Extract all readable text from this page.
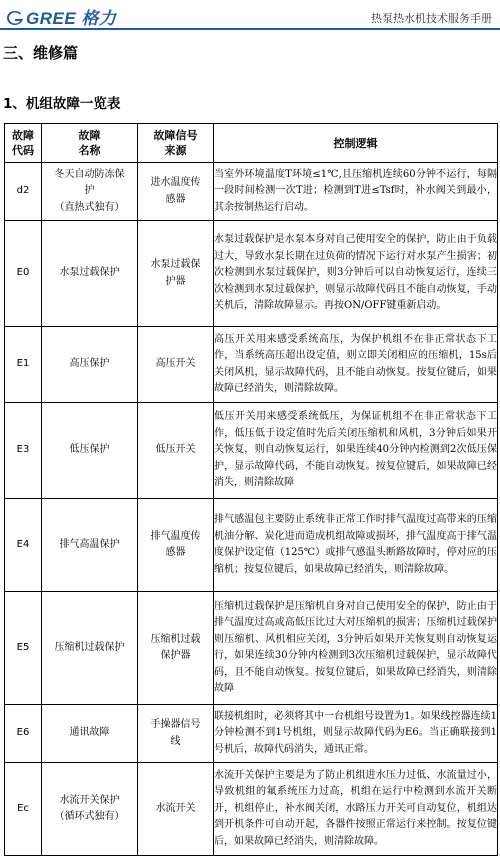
GREE 格力	热泵热水机技术服务手册
三、维修篇
1、机组故障一览表
故障
代码	故障
名称	故障信号
来源	控制逻辑
d2	冬天自动防冻保
护
（直热式独有）	进水温度传
感器	当室外环境温度T环境≤1℃,且压缩机连续60分钟不运行，每隔一段时间检测一次T进；检测到T进≤Tsf时，补水阀关到最小，其余按制热运行启动。
E0	水泵过载保护	水泵过载保
护器	水泵过载保护是水泵本身对自己使用安全的保护，防止由于负载过大，导致水泵长期在过负荷的情况下运行对水泵产生损害；初次检测到水泵过载保护，则3分钟后可以自动恢复运行，连续三次检测到水泵过载保护，则显示故障代码且不能自动恢复，手动关机后，清除故障显示。再按ON/OFF键重新启动。
E1	高压保护	高压开关	高压开关用来感受系统高压，为保护机组不在非正常状态下工作，当系统高压超出设定值，则立即关闭相应的压缩机，15s后关闭风机，显示故障代码，且不能自动恢复。按复位键后，如果故障已经消失，则清除故障。
E3	低压保护	低压开关	低压开关用来感受系统低压，为保证机组不在非正常状态下工作，低压低于设定值时先后关闭压缩机和风机，3分钟后如果开关恢复，则自动恢复运行，如果连续40分钟内检测到2次低压保护，显示故障代码，不能自动恢复。按复位键后，如果故障已经消失，则清除故障
E4	排气高温保护	排气温度传
感器	排气感温包主要防止系统非正常工作时排气温度过高带来的压缩机油分解、炭化进而造成机组故障或损坏，排气温度高于排气温度保护设定值（125℃）或排气感温头断路故障时，停对应的压缩机；按复位键后，如果故障已经消失，则清除故障。
E5	压缩机过载保护	压缩机过载
保护器	压缩机过载保护是压缩机自身对自己使用安全的保护，防止由于排气温度过高或高低压比过大对压缩机的损害；压缩机过载保护则压缩机、风机相应关闭，3分钟后如果开关恢复则自动恢复运行，如果连续30分钟内检测到3次压缩机过载保护，显示故障代码，且不能自动恢复。按复位键后，如果故障已经消失，则清除故障
E6	通讯故障	手操器信号
线	联接机组时，必须将其中一台机组号设置为1。如果线控器连续1分钟检测不到1号机组，则显示故障代码为E6。当正确联接到1号机后，故障代码消失，通讯正常。
Ec	水流开关保护
（循环式独有）	水流开关	水流开关保护主要是为了防止机组进水压力过低、水流量过小，导致机组的氟系统压力过高，机组在运行中检测到水流开关断开，机组停止，补水阀关闭，水路压力开关可自动复位，机组达到开机条件可自动开起，各器件按照正常运行来控制。按复位键后，如果故障已经消失，则清除故障。
